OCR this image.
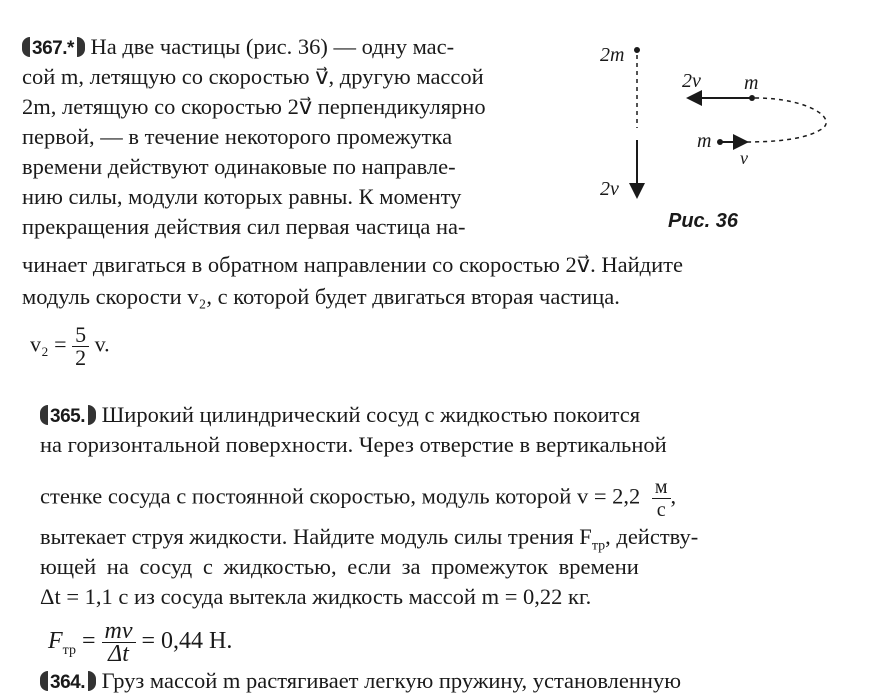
367.* На две частицы (рис. 36) — одну мас-
сой m, летящую со скоростью v⃗, другую массой
2m, летящую со скоростью 2v⃗ перпендикулярно
первой, — в течение некоторого промежутка
времени действуют одинаковые по направле-
нию силы, модули которых равны. К моменту
прекращения действия сил первая частица на-
чинает двигаться в обратном направлении со скоростью 2v⃗. Найдите
модуль скорости v₂, с которой будет двигаться вторая частица.
$v_2 = \frac{5}{2} v$.
2m
2v⃗ m
m
v⃗
2v⃗
Рис. 36
365. Широкий цилиндрический сосуд с жидкостью покоится
на горизонтальной поверхности. Через отверстие в вертикальной
стенке сосуда с постоянной скоростью, модуль которой $v = 2,2 \frac{м}{с}$ ,
вытекает струя жидкости. Найдите модуль силы трения $F_{тр}$, действу-
ющей на сосуд с жидкостью, если за промежуток времени
Δt = 1,1 с из сосуда вытекла жидкость массой m = 0,22 кг.
$F_{тр} = \frac{mv}{\Delta t} = 0,44$ Н.
364. Груз массой m растягивает легкую пружину, установленную
